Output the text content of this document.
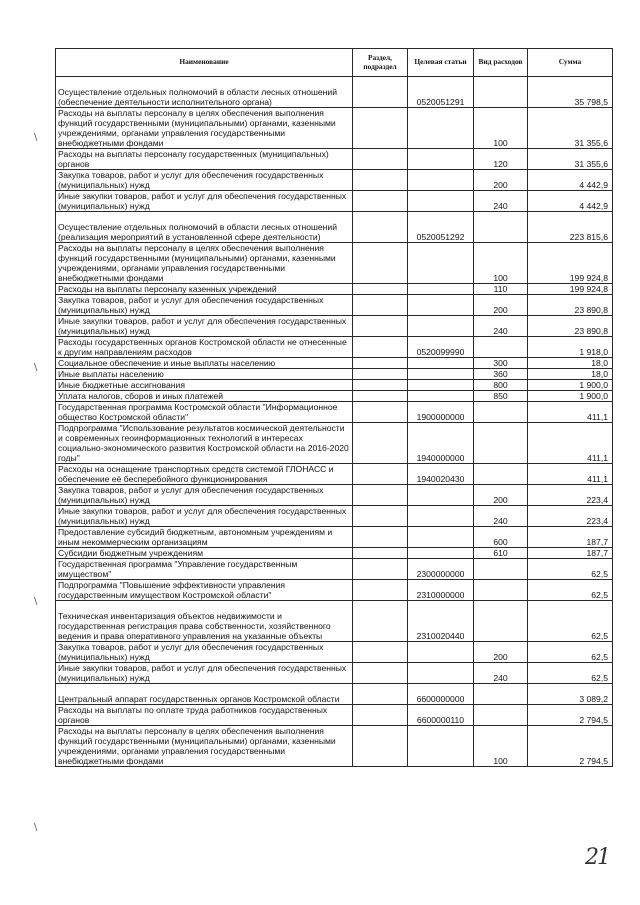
Наименование	Раздел, подраздел	Целевая статьи	Вид расходов	Сумма
Осуществление отдельных полномочий в области лесных отношений (обеспечение деятельности исполнительного органа)		0520051291		35 798,5
Расходы на выплаты персоналу в целях обеспечения выполнения функций государственными (муниципальными) органами, казенными учреждениями, органами управления государственными внебюджетными фондами			100	31 355,6
Расходы на выплаты персоналу государственных (муниципальных) органов			120	31 355,6
Закупка товаров, работ и услуг для обеспечения государственных (муниципальных) нужд			200	4 442,9
Иные закупки товаров, работ и услуг для обеспечения государственных (муниципальных) нужд			240	4 442,9
Осуществление отдельных полномочий в области лесных отношений (реализация мероприятий в установленной сфере деятельности)		0520051292		223 815,6
Расходы на выплаты персоналу в целях обеспечения выполнения функций государственными (муниципальными) органами, казенными учреждениями, органами управления государственными внебюджетными фондами			100	199 924,8
Расходы на выплаты персоналу казенных учреждений			110	199 924,8
Закупка товаров, работ и услуг для обеспечения государственных (муниципальных) нужд			200	23 890,8
Иные закупки товаров, работ и услуг для обеспечения государственных (муниципальных) нужд			240	23 890,8
Расходы государственных органов Костромской области не отнесенные к другим направлениям расходов		0520099990		1 918,0
Социальное обеспечение и иные выплаты населению			300	18,0
Иные выплаты населению			360	18,0
Иные бюджетные ассигнования			800	1 900,0
Уплата налогов, сборов и иных платежей			850	1 900,0
Государственная программа Костромской области "Информационное общество Костромской области"		1900000000		411,1
Подпрограмма "Использование результатов космической деятельности и современных геоинформационных технологий в интересах социально-экономического развития Костромской области на 2016-2020 годы"		1940000000		411,1
Расходы на оснащение транспортных средств системой ГЛОНАСС и обеспечение её бесперебойного функционирования		1940020430		411,1
Закупка товаров, работ и услуг для обеспечения государственных (муниципальных) нужд			200	223,4
Иные закупки товаров, работ и услуг для обеспечения государственных (муниципальных) нужд			240	223,4
Предоставление субсидий бюджетным, автономным учреждениям и иным некоммерческим организациям			600	187,7
Субсидии бюджетным учреждениям			610	187,7
Государственная программа "Управление государственным имуществом"		2300000000		62,5
Подпрограмма "Повышение эффективности управления государственным имуществом Костромской области"		2310000000		62,5
Техническая инвентаризация объектов недвижимости и государственная регистрация права собственности, хозяйственного ведения и права оперативного управления на указанные объекты		2310020440		62,5
Закупка товаров, работ и услуг для обеспечения государственных (муниципальных) нужд			200	62,5
Иные закупки товаров, работ и услуг для обеспечения государственных (муниципальных) нужд			240	62,5
Центральный аппарат государственных органов Костромской области		6600000000		3 089,2
Расходы на выплаты по оплате труда работников государственных органов		6600000110		2 794,5
Расходы на выплаты персоналу в целях обеспечения выполнения функций государственными (муниципальными) органами, казенными учреждениями, органами управления государственными внебюджетными фондами			100	2 794,5
\
\
\
\
21
